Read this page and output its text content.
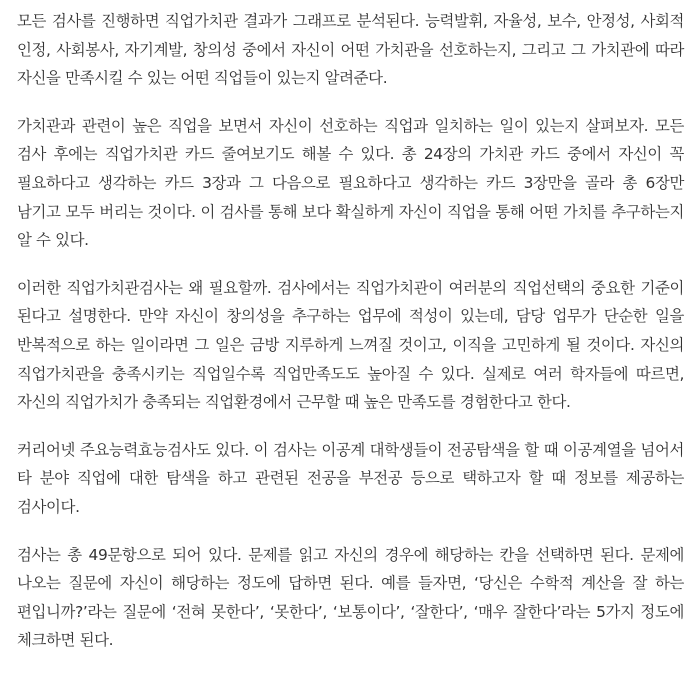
모든 검사를 진행하면 직업가치관 결과가 그래프로 분석된다. 능력발휘, 자율성, 보수, 안정성, 사회적 인정, 사회봉사, 자기계발, 창의성 중에서 자신이 어떤 가치관을 선호하는지, 그리고 그 가치관에 따라 자신을 만족시킬 수 있는 어떤 직업들이 있는지 알려준다.

가치관과 관련이 높은 직업을 보면서 자신이 선호하는 직업과 일치하는 일이 있는지 살펴보자. 모든 검사 후에는 직업가치관 카드 줄여보기도 해볼 수 있다. 총 24장의 가치관 카드 중에서 자신이 꼭 필요하다고 생각하는 카드 3장과 그 다음으로 필요하다고 생각하는 카드 3장만을 골라 총 6장만 남기고 모두 버리는 것이다. 이 검사를 통해 보다 확실하게 자신이 직업을 통해 어떤 가치를 추구하는지 알 수 있다.

이러한 직업가치관검사는 왜 필요할까. 검사에서는 직업가치관이 여러분의 직업선택의 중요한 기준이 된다고 설명한다. 만약 자신이 창의성을 추구하는 업무에 적성이 있는데, 담당 업무가 단순한 일을 반복적으로 하는 일이라면 그 일은 금방 지루하게 느껴질 것이고, 이직을 고민하게 될 것이다. 자신의 직업가치관을 충족시키는 직업일수록 직업만족도도 높아질 수 있다. 실제로 여러 학자들에 따르면, 자신의 직업가치가 충족되는 직업환경에서 근무할 때 높은 만족도를 경험한다고 한다.

커리어넷 주요능력효능검사도 있다. 이 검사는 이공계 대학생들이 전공탐색을 할 때 이공계열을 넘어서 타 분야 직업에 대한 탐색을 하고 관련된 전공을 부전공 등으로 택하고자 할 때 정보를 제공하는 검사이다.

검사는 총 49문항으로 되어 있다. 문제를 읽고 자신의 경우에 해당하는 칸을 선택하면 된다. 문제에 나오는 질문에 자신이 해당하는 정도에 답하면 된다. 예를 들자면, ‘당신은 수학적 계산을 잘 하는 편입니까?’라는 질문에 ‘전혀 못한다’, ‘못한다’, ‘보통이다’, ‘잘한다’, ‘매우 잘한다’라는 5가지 정도에 체크하면 된다.
